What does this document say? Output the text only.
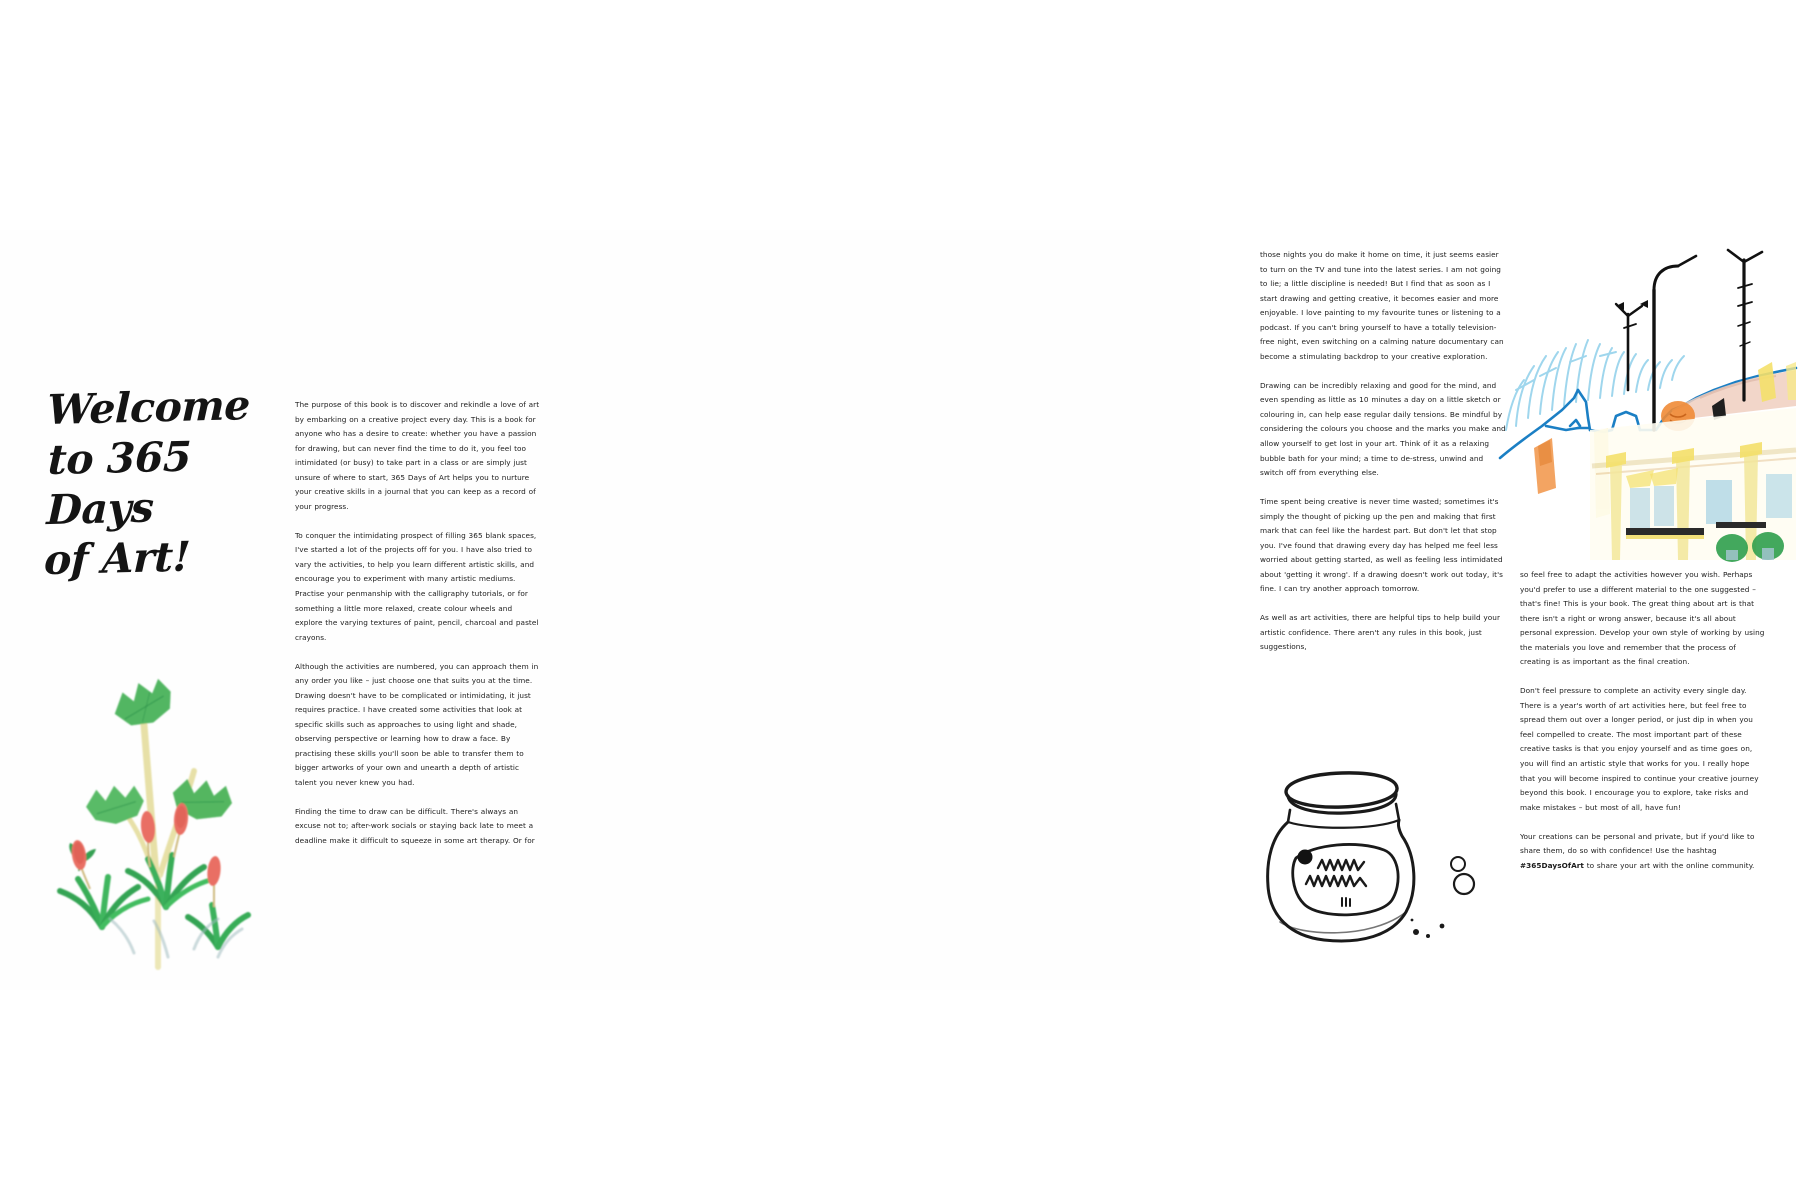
Welcome
to 365 Days
of Art!

The purpose of this book is to discover and rekindle a love of art by embarking on a creative project every day. This is a book for anyone who has a desire to create: whether you have a passion for drawing, but can never find the time to do it, you feel too intimidated (or busy) to take part in a class or are simply just unsure of where to start, 365 Days of Art helps you to nurture your creative skills in a journal that you can keep as a record of your progress.

To conquer the intimidating prospect of filling 365 blank spaces, I've started a lot of the projects off for you. I have also tried to vary the activities, to help you learn different artistic skills, and encourage you to experiment with many artistic mediums. Practise your penmanship with the calligraphy tutorials, or for something a little more relaxed, create colour wheels and explore the varying textures of paint, pencil, charcoal and pastel crayons.

Although the activities are numbered, you can approach them in any order you like – just choose one that suits you at the time. Drawing doesn't have to be complicated or intimidating, it just requires practice. I have created some activities that look at specific skills such as approaches to using light and shade, observing perspective or learning how to draw a face. By practising these skills you'll soon be able to transfer them to bigger artworks of your own and unearth a depth of artistic talent you never knew you had.

Finding the time to draw can be difficult. There's always an excuse not to; after-work socials or staying back late to meet a deadline make it difficult to squeeze in some art therapy. Or for

those nights you do make it home on time, it just seems easier to turn on the TV and tune into the latest series. I am not going to lie; a little discipline is needed! But I find that as soon as I start drawing and getting creative, it becomes easier and more enjoyable. I love painting to my favourite tunes or listening to a podcast. If you can't bring yourself to have a totally television-free night, even switching on a calming nature documentary can become a stimulating backdrop to your creative exploration.

Drawing can be incredibly relaxing and good for the mind, and even spending as little as 10 minutes a day on a little sketch or colouring in, can help ease regular daily tensions. Be mindful by considering the colours you choose and the marks you make and allow yourself to get lost in your art. Think of it as a relaxing bubble bath for your mind; a time to de-stress, unwind and switch off from everything else.

Time spent being creative is never time wasted; sometimes it's simply the thought of picking up the pen and making that first mark that can feel like the hardest part. But don't let that stop you. I've found that drawing every day has helped me feel less worried about getting started, as well as feeling less intimidated about 'getting it wrong'. If a drawing doesn't work out today, it's fine. I can try another approach tomorrow.

As well as art activities, there are helpful tips to help build your artistic confidence. There aren't any rules in this book, just suggestions,

so feel free to adapt the activities however you wish. Perhaps you'd prefer to use a different material to the one suggested – that's fine! This is your book. The great thing about art is that there isn't a right or wrong answer, because it's all about personal expression. Develop your own style of working by using the materials you love and remember that the process of creating is as important as the final creation.

Don't feel pressure to complete an activity every single day. There is a year's worth of art activities here, but feel free to spread them out over a longer period, or just dip in when you feel compelled to create. The most important part of these creative tasks is that you enjoy yourself and as time goes on, you will find an artistic style that works for you. I really hope that you will become inspired to continue your creative journey beyond this book. I encourage you to explore, take risks and make mistakes – but most of all, have fun!

Your creations can be personal and private, but if you'd like to share them, do so with confidence! Use the hashtag #365DaysOfArt to share your art with the online community.
